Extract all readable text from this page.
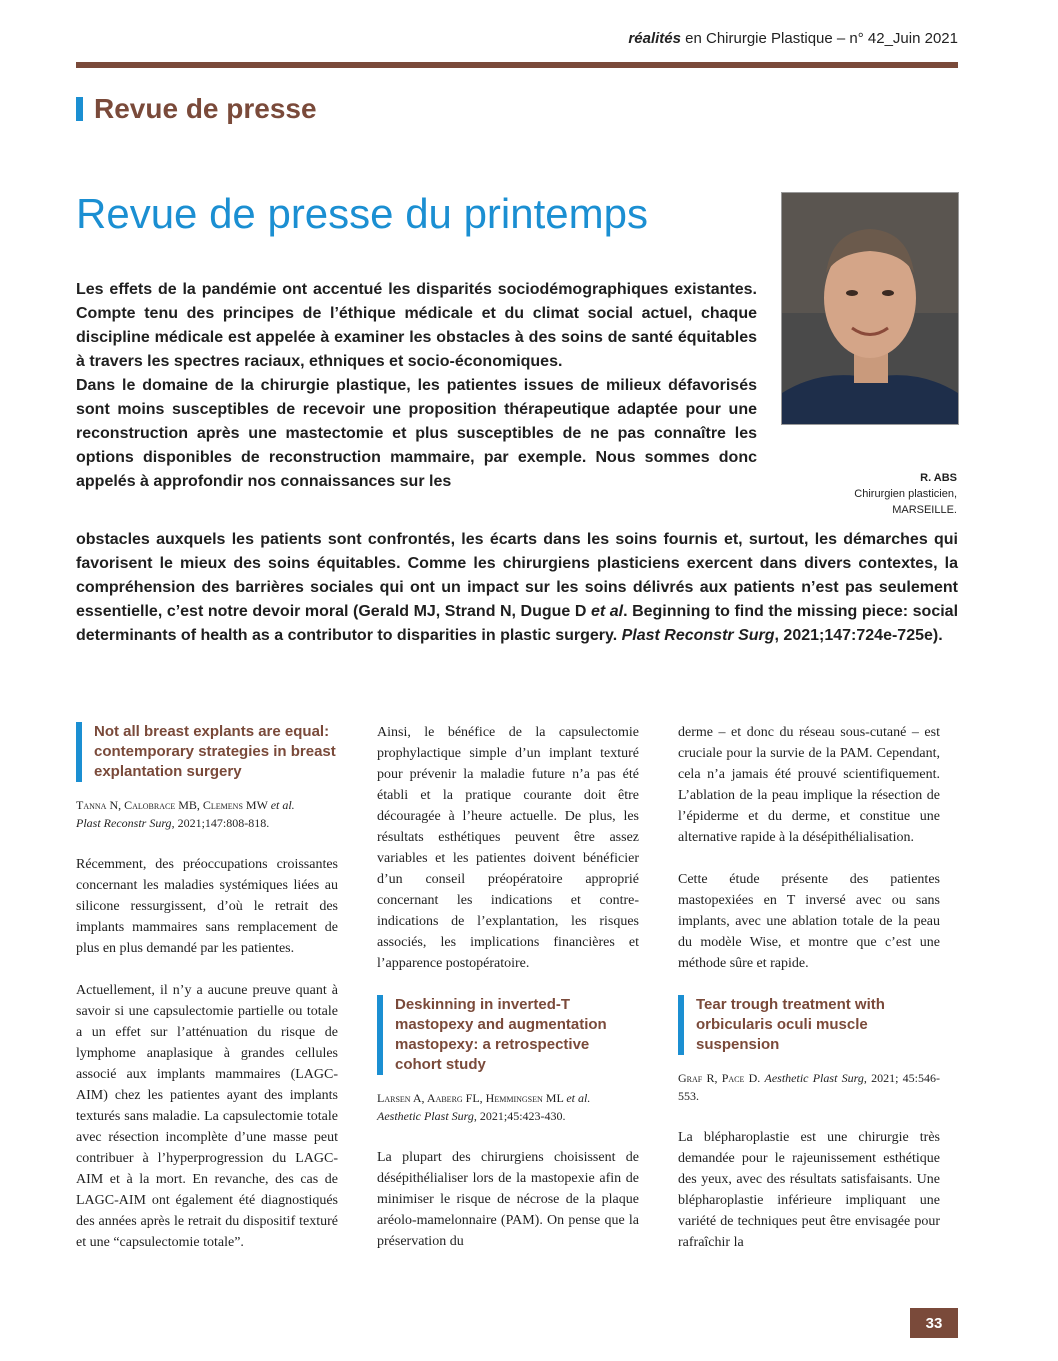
réalités en Chirurgie Plastique – n° 42_Juin 2021
Revue de presse
Revue de presse du printemps
R. ABS
Chirurgien plasticien,
MARSEILLE.

Les effets de la pandémie ont accentué les disparités sociodémographiques existantes. Compte tenu des principes de l’éthique médicale et du climat social actuel, chaque discipline médicale est appelée à examiner les obstacles à des soins de santé équitables à travers les spectres raciaux, ethniques et socio-économiques.

Dans le domaine de la chirurgie plastique, les patientes issues de milieux défavorisés sont moins susceptibles de recevoir une proposition thérapeutique adaptée pour une reconstruction après une mastectomie et plus susceptibles de ne pas connaître les options disponibles de reconstruction mammaire, par exemple. Nous sommes donc appelés à approfondir nos connaissances sur les

obstacles auxquels les patients sont confrontés, les écarts dans les soins fournis et, surtout, les démarches qui favorisent le mieux des soins équitables. Comme les chirurgiens plasticiens exercent dans divers contextes, la compréhension des barrières sociales qui ont un impact sur les soins délivrés aux patients n’est pas seulement essentielle, c’est notre devoir moral (Gerald MJ, Strand N, Dugue D et al. Beginning to find the missing piece: social determinants of health as a contributor to disparities in plastic surgery. Plast Reconstr Surg, 2021;147:724e-725e).

Not all breast explants are equal: contemporary strategies in breast explantation surgery
Tanna N, Calobrace MB, Clemens MW et al.
Plast Reconstr Surg, 2021;147:808-818.

Récemment, des préoccupations croissantes concernant les maladies systémiques liées au silicone ressurgissent, d’où le retrait des implants mammaires sans remplacement de plus en plus demandé par les patientes.

Actuellement, il n’y a aucune preuve quant à savoir si une capsulectomie partielle ou totale a un effet sur l’atténuation du risque de lymphome anaplasique à grandes cellules associé aux implants mammaires (LAGC-AIM) chez les patientes ayant des implants texturés sans maladie. La capsulectomie totale avec résection incomplète d’une masse peut contribuer à l’hyperprogression du LAGC-AIM et à la mort. En revanche, des cas de LAGC-AIM ont également été diagnostiqués des années après le retrait du dispositif texturé et une “capsulectomie totale”.

Ainsi, le bénéfice de la capsulectomie prophylactique simple d’un implant texturé pour prévenir la maladie future n’a pas été établi et la pratique courante doit être découragée à l’heure actuelle. De plus, les résultats esthétiques peuvent être assez variables et les patientes doivent bénéficier d’un conseil préopératoire approprié concernant les indications et contre-indications de l’explantation, les risques associés, les implications financières et l’apparence postopératoire.

Deskinning in inverted-T mastopexy and augmentation mastopexy: a retrospective cohort study
Larsen A, Aaberg FL, Hemmingsen ML et al.
Aesthetic Plast Surg, 2021;45:423-430.

La plupart des chirurgiens choisissent de désépithélialiser lors de la mastopexie afin de minimiser le risque de nécrose de la plaque aréolo-mamelonnaire (PAM). On pense que la préservation du

derme – et donc du réseau sous-cutané – est cruciale pour la survie de la PAM. Cependant, cela n’a jamais été prouvé scientifiquement. L’ablation de la peau implique la résection de l’épiderme et du derme, et constitue une alternative rapide à la désépithélialisation.

Cette étude présente des patientes mastopexiées en T inversé avec ou sans implants, avec une ablation totale de la peau du modèle Wise, et montre que c’est une méthode sûre et rapide.

Tear trough treatment with orbicularis oculi muscle suspension
Graf R, Pace D. Aesthetic Plast Surg, 2021; 45:546-553.

La blépharoplastie est une chirurgie très demandée pour le rajeunissement esthétique des yeux, avec des résultats satisfaisants. Une blépharoplastie inférieure impliquant une variété de techniques peut être envisagée pour rafraîchir la

33
